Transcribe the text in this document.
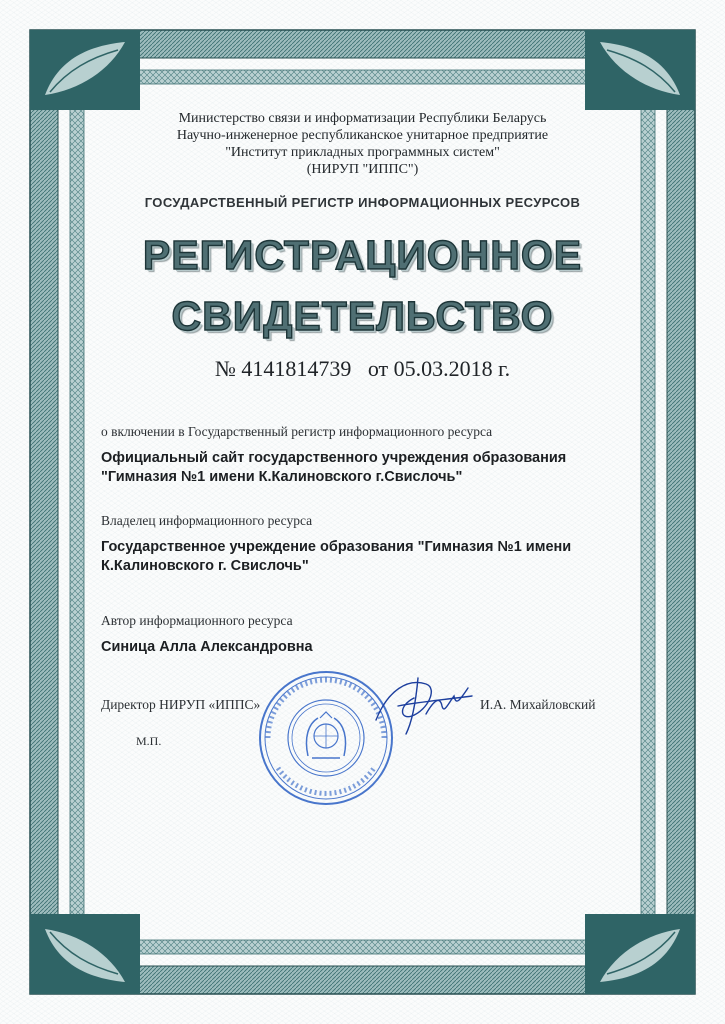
Министерство связи и информатизации Республики Беларусь
Научно-инженерное республиканское унитарное предприятие
"Институт прикладных программных систем"
(НИРУП "ИППС")
ГОСУДАРСТВЕННЫЙ РЕГИСТР ИНФОРМАЦИОННЫХ РЕСУРСОВ
РЕГИСТРАЦИОННОЕ
СВИДЕТЕЛЬСТВО
№ 4141814739 от 05.03.2018 г.
о включении в Государственный регистр информационного ресурса
Официальный сайт государственного учреждения образования "Гимназия №1 имени К.Калиновского г.Свислочь"
Владелец информационного ресурса
Государственное учреждение образования "Гимназия №1 имени К.Калиновского г. Свислочь"
Автор информационного ресурса
Синица Алла Александровна
Директор НИРУП «ИППС»	И.А. Михайловский
М.П.
